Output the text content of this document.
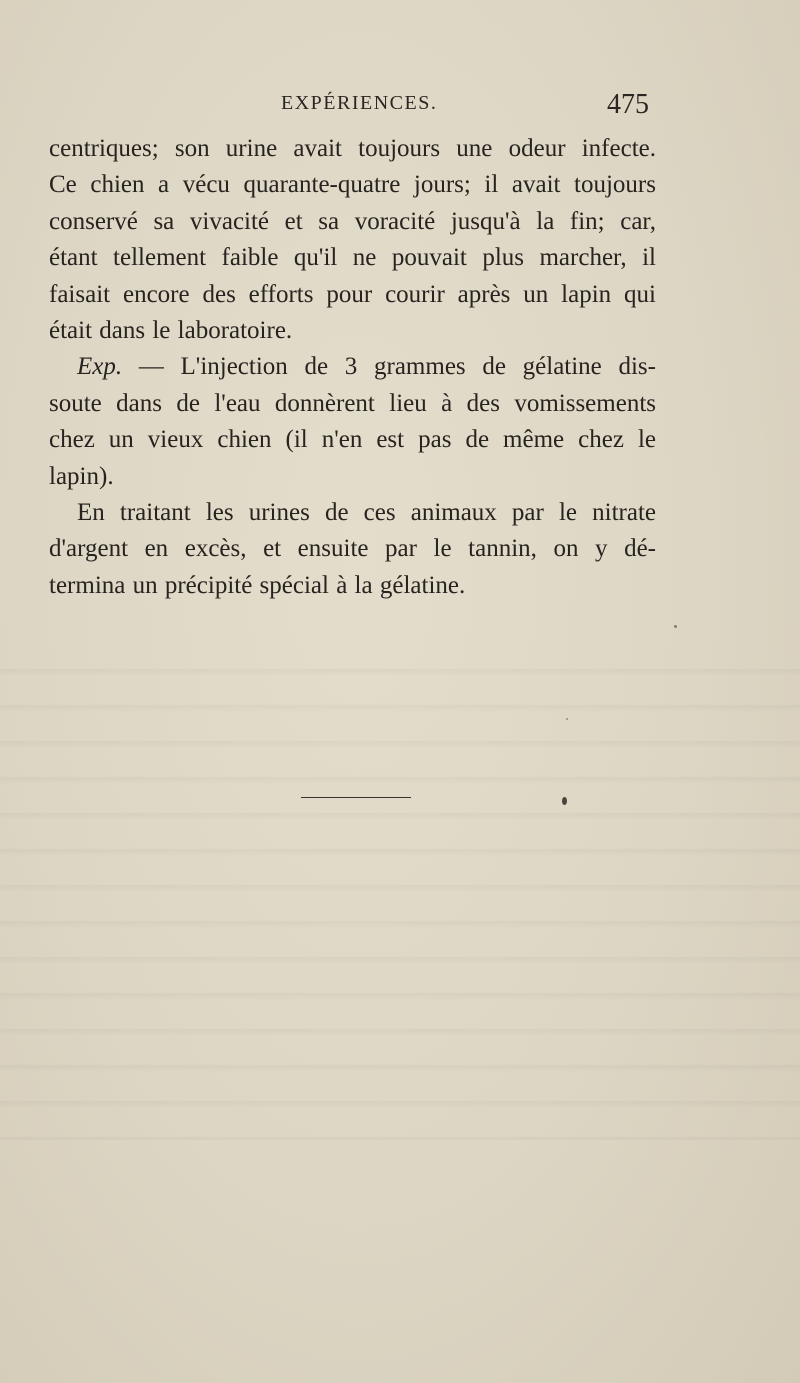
EXPÉRIENCES.	475
centriques; son urine avait toujours une odeur infecte.
Ce chien a vécu quarante-quatre jours; il avait toujours
conservé sa vivacité et sa voracité jusqu'à la fin; car,
étant tellement faible qu'il ne pouvait plus marcher, il
faisait encore des efforts pour courir après un lapin qui
était dans le laboratoire.
Exp. — L'injection de 3 grammes de gélatine dis-
soute dans de l'eau donnèrent lieu à des vomissements
chez un vieux chien (il n'en est pas de même chez le
lapin).
En traitant les urines de ces animaux par le nitrate
d'argent en excès, et ensuite par le tannin, on y dé-
termina un précipité spécial à la gélatine.
